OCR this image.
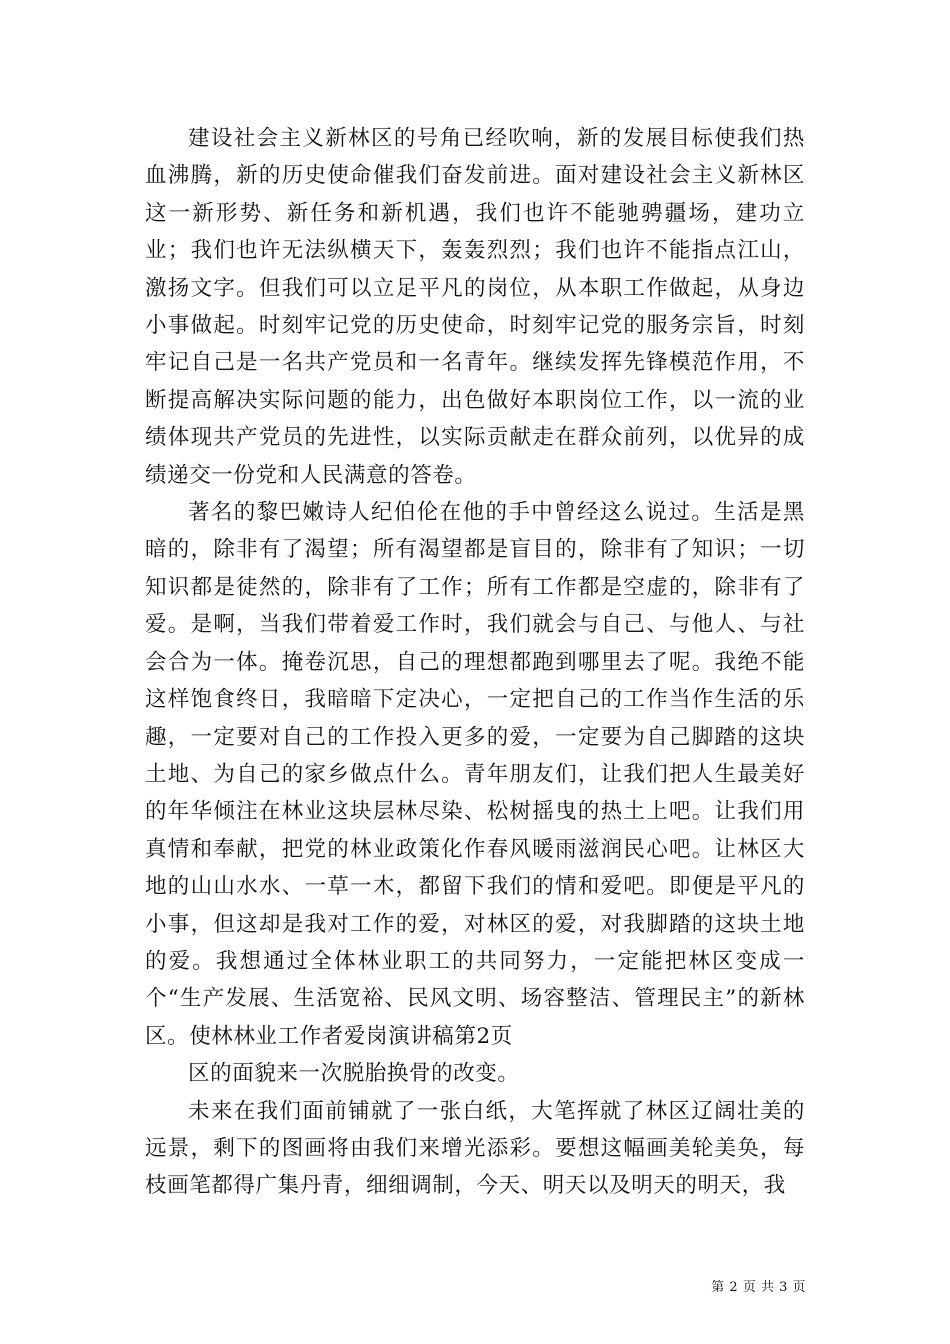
建设社会主义新林区的号角已经吹响，新的发展目标使我们热血沸腾，新的历史使命催我们奋发前进。面对建设社会主义新林区这一新形势、新任务和新机遇，我们也许不能驰骋疆场，建功立业；我们也许无法纵横天下，轰轰烈烈；我们也许不能指点江山，激扬文字。但我们可以立足平凡的岗位，从本职工作做起，从身边小事做起。时刻牢记党的历史使命，时刻牢记党的服务宗旨，时刻牢记自己是一名共产党员和一名青年。继续发挥先锋模范作用，不断提高解决实际问题的能力，出色做好本职岗位工作，以一流的业绩体现共产党员的先进性，以实际贡献走在群众前列，以优异的成绩递交一份党和人民满意的答卷。

著名的黎巴嫩诗人纪伯伦在他的手中曾经这么说过。生活是黑暗的，除非有了渴望；所有渴望都是盲目的，除非有了知识；一切知识都是徒然的，除非有了工作；所有工作都是空虚的，除非有了爱。是啊，当我们带着爱工作时，我们就会与自己、与他人、与社会合为一体。掩卷沉思，自己的理想都跑到哪里去了呢。我绝不能这样饱食终日，我暗暗下定决心，一定把自己的工作当作生活的乐趣，一定要对自己的工作投入更多的爱，一定要为自己脚踏的这块土地、为自己的家乡做点什么。青年朋友们，让我们把人生最美好的年华倾注在林业这块层林尽染、松树摇曳的热土上吧。让我们用真情和奉献，把党的林业政策化作春风暖雨滋润民心吧。让林区大地的山山水水、一草一木，都留下我们的情和爱吧。即便是平凡的小事，但这却是我对工作的爱，对林区的爱，对我脚踏的这块土地的爱。我想通过全体林业职工的共同努力，一定能把林区变成一个“生产发展、生活宽裕、民风文明、场容整洁、管理民主”的新林区。使林林业工作者爱岗演讲稿第2页

区的面貌来一次脱胎换骨的改变。

未来在我们面前铺就了一张白纸，大笔挥就了林区辽阔壮美的远景，剩下的图画将由我们来增光添彩。要想这幅画美轮美奂，每枝画笔都得广集丹青，细细调制，今天、明天以及明天的明天，我

第 2 页 共 3 页
